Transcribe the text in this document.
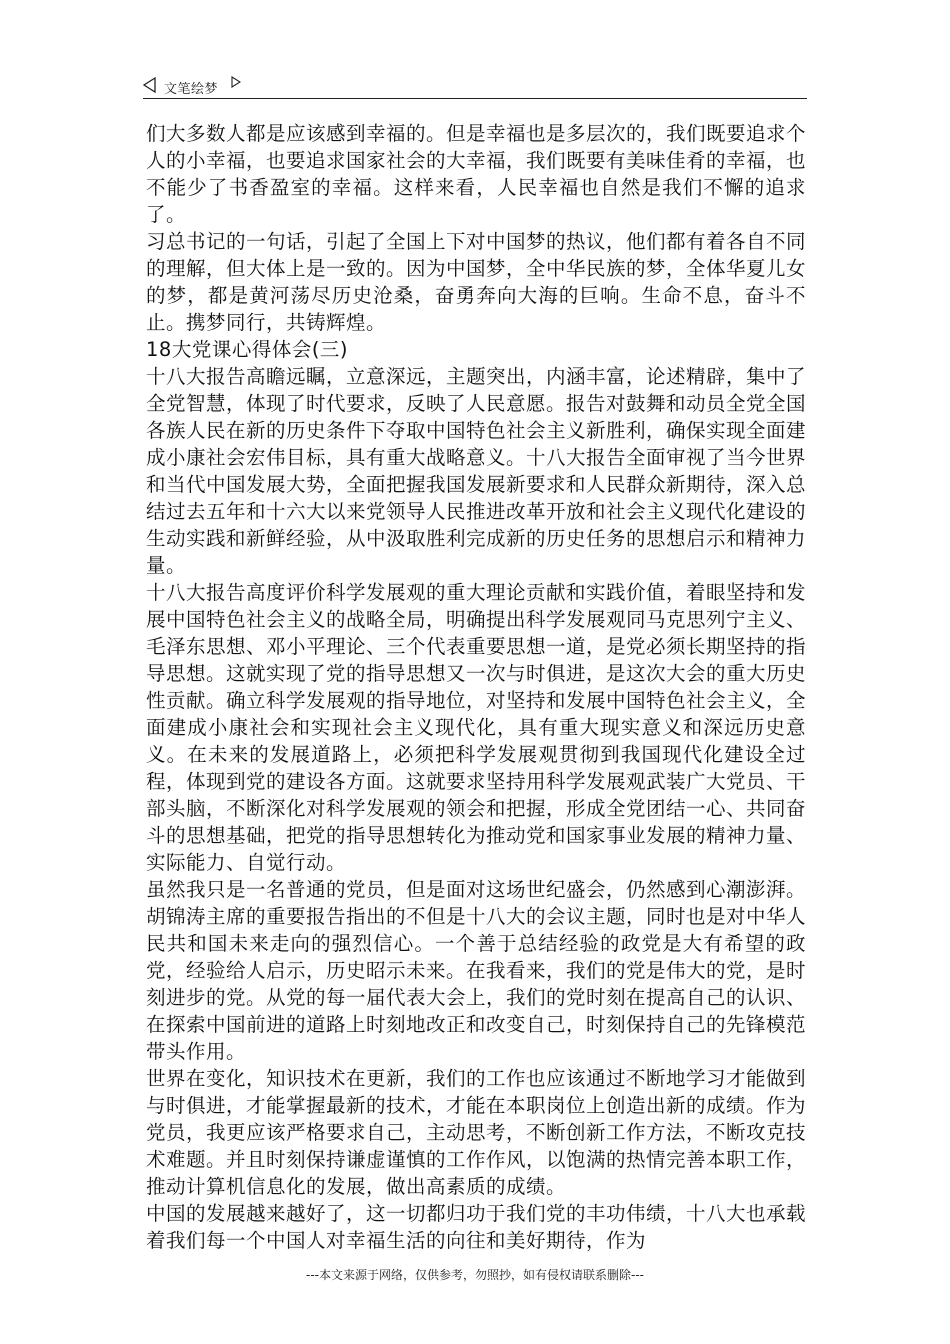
文笔绘梦

们大多数人都是应该感到幸福的。但是幸福也是多层次的，我们既要追求个人的小幸福，也要追求国家社会的大幸福，我们既要有美味佳肴的幸福，也不能少了书香盈室的幸福。这样来看，人民幸福也自然是我们不懈的追求了。

习总书记的一句话，引起了全国上下对中国梦的热议，他们都有着各自不同的理解，但大体上是一致的。因为中国梦，全中华民族的梦，全体华夏儿女的梦，都是黄河荡尽历史沧桑，奋勇奔向大海的巨响。生命不息，奋斗不止。携梦同行，共铸辉煌。

18大党课心得体会(三)

十八大报告高瞻远瞩，立意深远，主题突出，内涵丰富，论述精辟，集中了全党智慧，体现了时代要求，反映了人民意愿。报告对鼓舞和动员全党全国各族人民在新的历史条件下夺取中国特色社会主义新胜利，确保实现全面建成小康社会宏伟目标，具有重大战略意义。十八大报告全面审视了当今世界和当代中国发展大势，全面把握我国发展新要求和人民群众新期待，深入总结过去五年和十六大以来党领导人民推进改革开放和社会主义现代化建设的生动实践和新鲜经验，从中汲取胜利完成新的历史任务的思想启示和精神力量。

十八大报告高度评价科学发展观的重大理论贡献和实践价值，着眼坚持和发展中国特色社会主义的战略全局，明确提出科学发展观同马克思列宁主义、毛泽东思想、邓小平理论、三个代表重要思想一道，是党必须长期坚持的指导思想。这就实现了党的指导思想又一次与时俱进，是这次大会的重大历史性贡献。确立科学发展观的指导地位，对坚持和发展中国特色社会主义，全面建成小康社会和实现社会主义现代化，具有重大现实意义和深远历史意义。在未来的发展道路上，必须把科学发展观贯彻到我国现代化建设全过程，体现到党的建设各方面。这就要求坚持用科学发展观武装广大党员、干部头脑，不断深化对科学发展观的领会和把握，形成全党团结一心、共同奋斗的思想基础，把党的指导思想转化为推动党和国家事业发展的精神力量、实际能力、自觉行动。

虽然我只是一名普通的党员，但是面对这场世纪盛会，仍然感到心潮澎湃。胡锦涛主席的重要报告指出的不但是十八大的会议主题，同时也是对中华人民共和国未来走向的强烈信心。一个善于总结经验的政党是大有希望的政党，经验给人启示，历史昭示未来。在我看来，我们的党是伟大的党，是时刻进步的党。从党的每一届代表大会上，我们的党时刻在提高自己的认识、在探索中国前进的道路上时刻地改正和改变自己，时刻保持自己的先锋模范带头作用。

世界在变化，知识技术在更新，我们的工作也应该通过不断地学习才能做到与时俱进，才能掌握最新的技术，才能在本职岗位上创造出新的成绩。作为党员，我更应该严格要求自己，主动思考，不断创新工作方法，不断攻克技术难题。并且时刻保持谦虚谨慎的工作作风，以饱满的热情完善本职工作，推动计算机信息化的发展，做出高素质的成绩。

中国的发展越来越好了，这一切都归功于我们党的丰功伟绩，十八大也承载着我们每一个中国人对幸福生活的向往和美好期待，作为

---本文来源于网络，仅供参考，勿照抄，如有侵权请联系删除---
